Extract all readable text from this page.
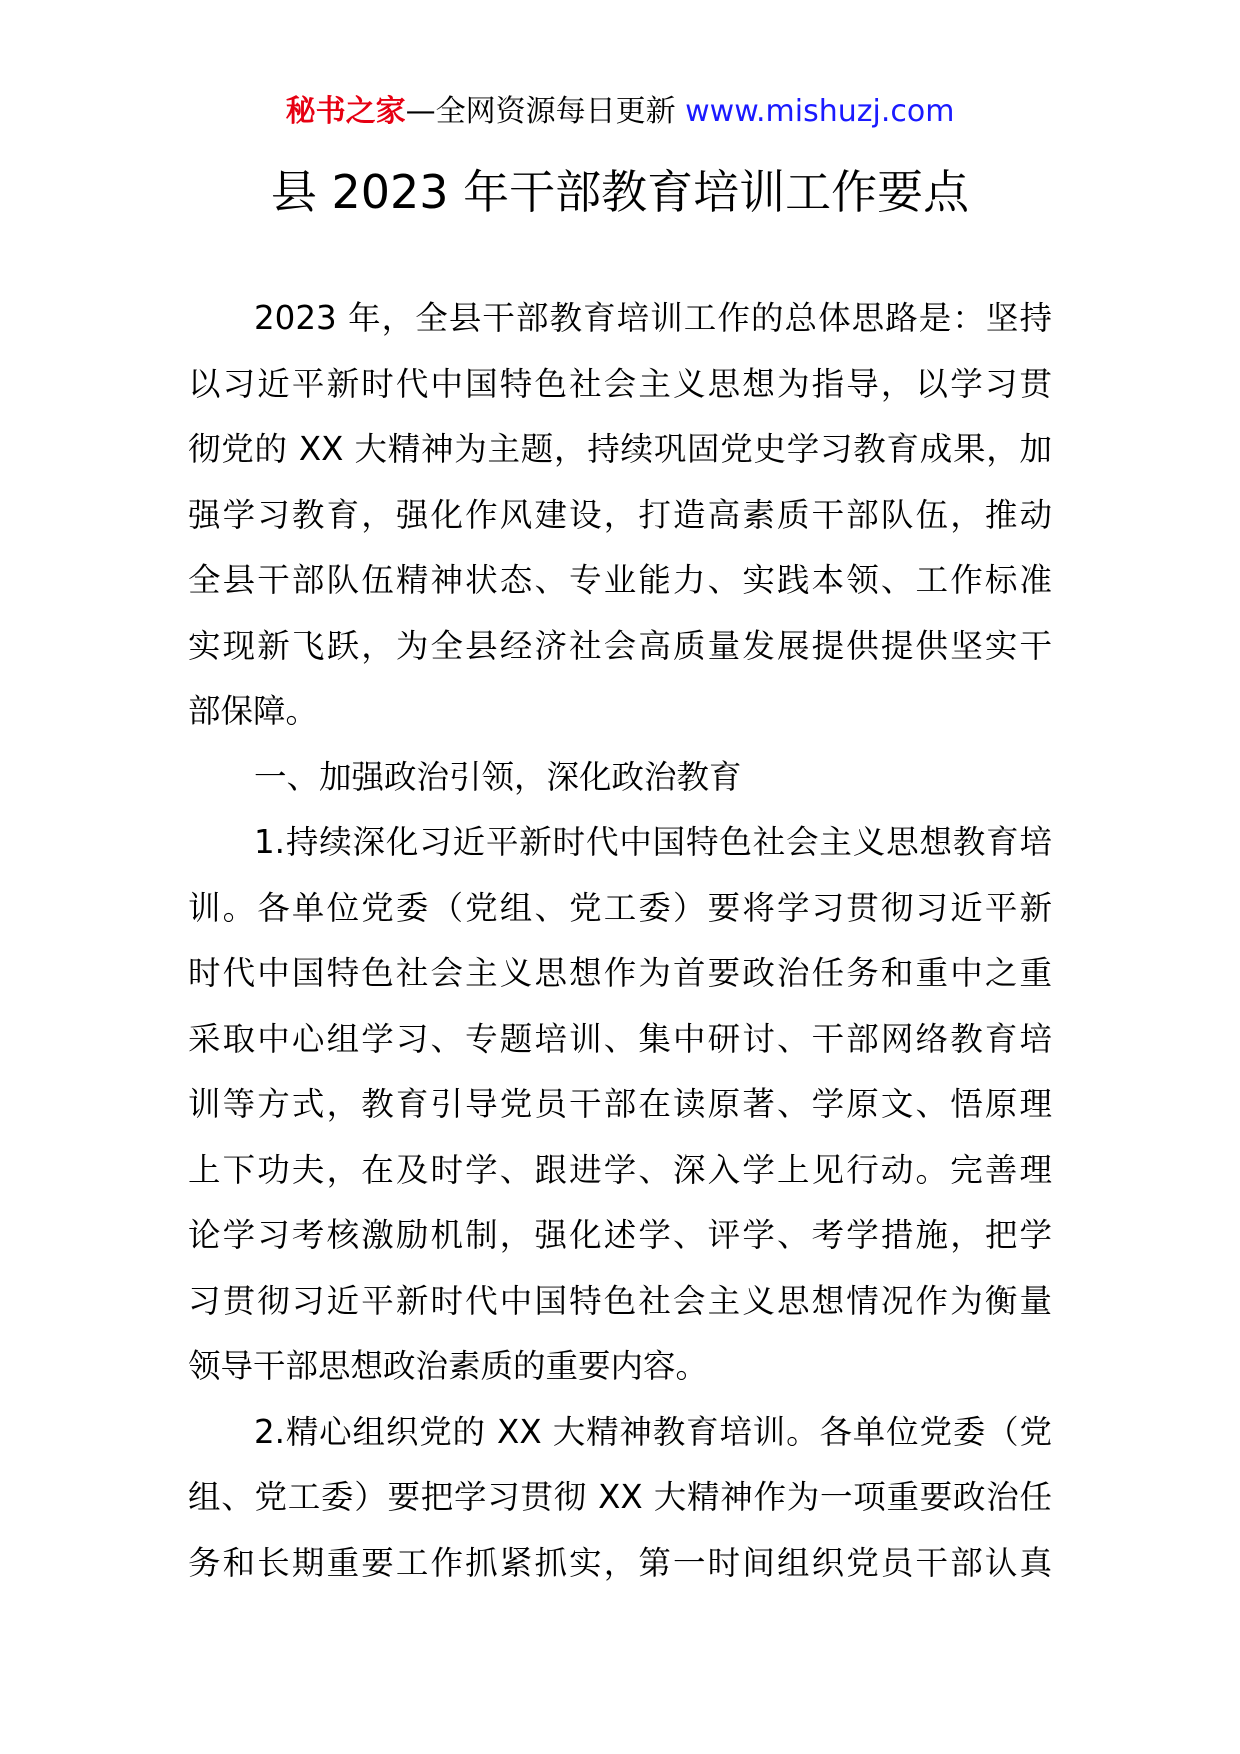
秘书之家—全网资源每日更新 www.mishuzj.com
县 2023 年干部教育培训工作要点
2023 年，全县干部教育培训工作的总体思路是：坚持
以习近平新时代中国特色社会主义思想为指导，以学习贯
彻党的 XX 大精神为主题，持续巩固党史学习教育成果，加
强学习教育，强化作风建设，打造高素质干部队伍，推动
全县干部队伍精神状态、专业能力、实践本领、工作标准
实现新飞跃，为全县经济社会高质量发展提供提供坚实干
部保障。
一、加强政治引领，深化政治教育
1.持续深化习近平新时代中国特色社会主义思想教育培
训。各单位党委（党组、党工委）要将学习贯彻习近平新
时代中国特色社会主义思想作为首要政治任务和重中之重
采取中心组学习、专题培训、集中研讨、干部网络教育培
训等方式，教育引导党员干部在读原著、学原文、悟原理
上下功夫，在及时学、跟进学、深入学上见行动。完善理
论学习考核激励机制，强化述学、评学、考学措施，把学
习贯彻习近平新时代中国特色社会主义思想情况作为衡量
领导干部思想政治素质的重要内容。
2.精心组织党的 XX 大精神教育培训。各单位党委（党
组、党工委）要把学习贯彻 XX 大精神作为一项重要政治任
务和长期重要工作抓紧抓实，第一时间组织党员干部认真
